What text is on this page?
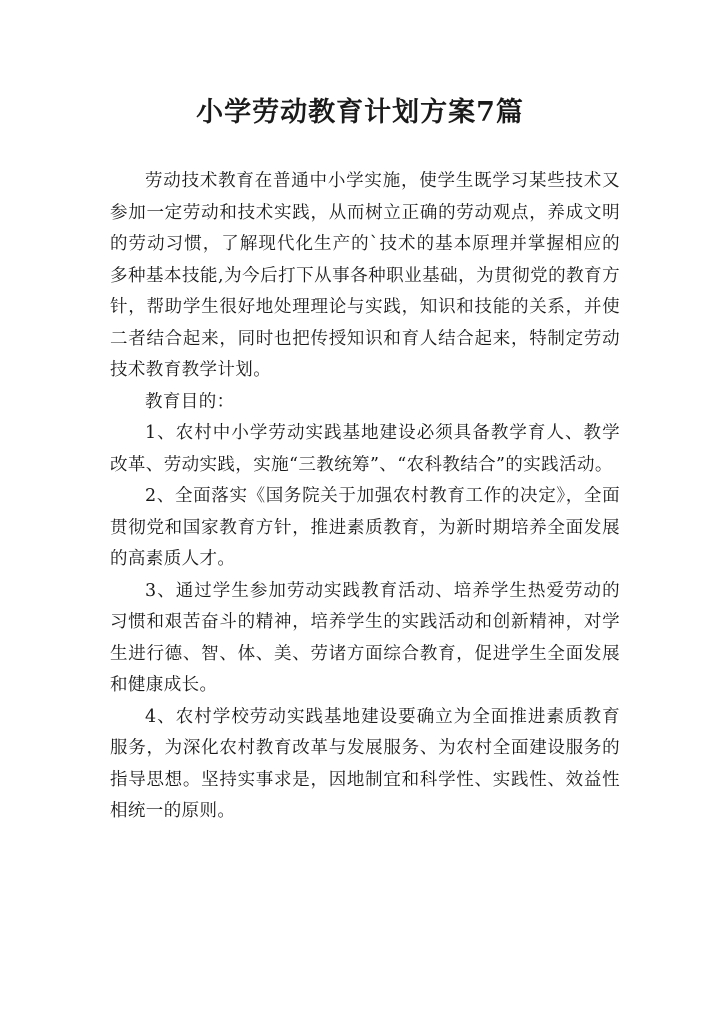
小学劳动教育计划方案7篇

劳动技术教育在普通中小学实施，使学生既学习某些技术又参加一定劳动和技术实践，从而树立正确的劳动观点，养成文明的劳动习惯，了解现代化生产的`技术的基本原理并掌握相应的多种基本技能,为今后打下从事各种职业基础，为贯彻党的教育方针，帮助学生很好地处理理论与实践，知识和技能的关系，并使二者结合起来，同时也把传授知识和育人结合起来，特制定劳动技术教育教学计划。

教育目的：

1、农村中小学劳动实践基地建设必须具备教学育人、教学改革、劳动实践，实施“三教统筹”、“农科教结合”的实践活动。

2、全面落实《国务院关于加强农村教育工作的决定》，全面贯彻党和国家教育方针，推进素质教育，为新时期培养全面发展的高素质人才。

3、通过学生参加劳动实践教育活动、培养学生热爱劳动的习惯和艰苦奋斗的精神，培养学生的实践活动和创新精神，对学生进行德、智、体、美、劳诸方面综合教育，促进学生全面发展和健康成长。

4、农村学校劳动实践基地建设要确立为全面推进素质教育服务，为深化农村教育改革与发展服务、为农村全面建设服务的指导思想。坚持实事求是，因地制宜和科学性、实践性、效益性相统一的原则。
